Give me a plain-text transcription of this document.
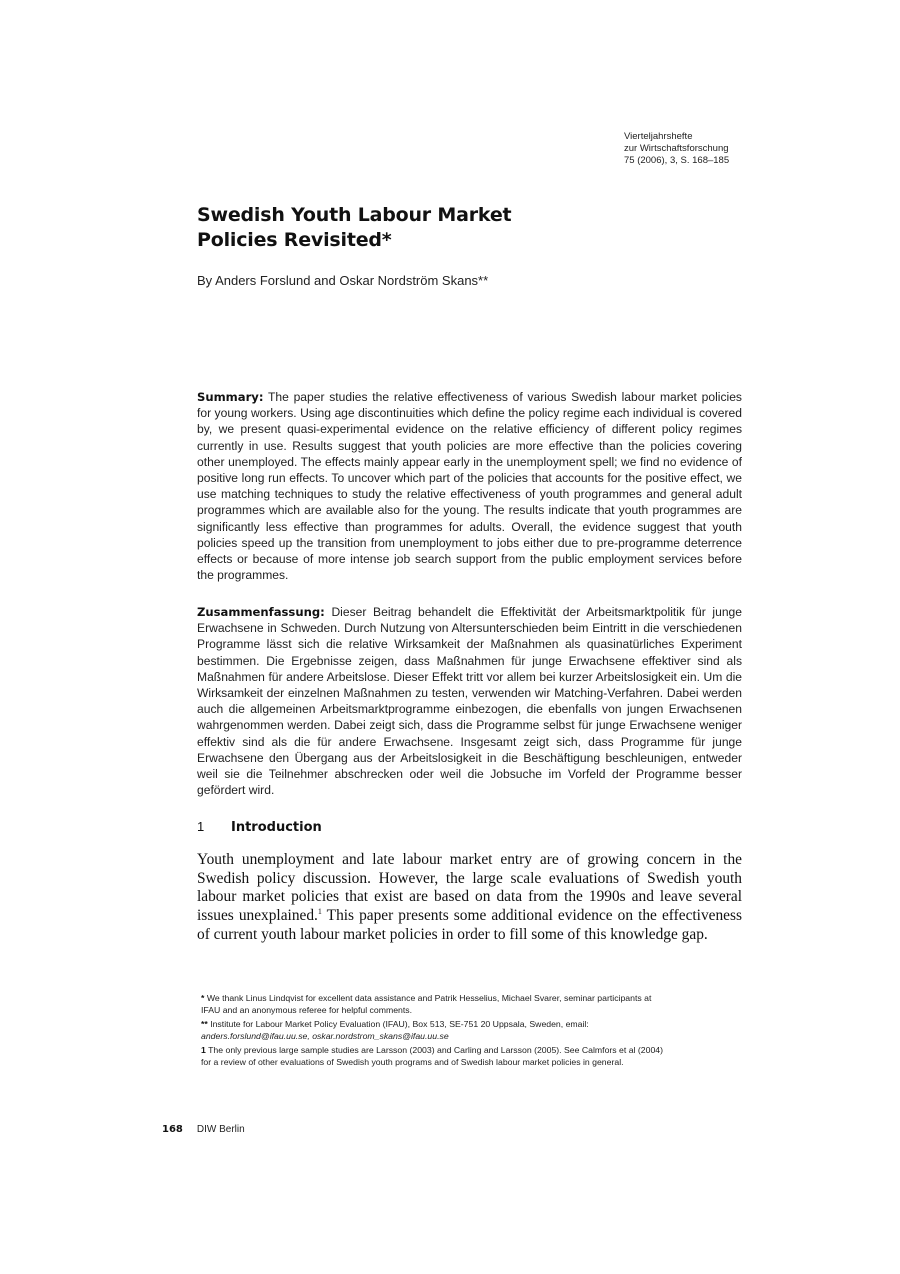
Vierteljahrshefte
zur Wirtschaftsforschung
75 (2006), 3, S. 168–185
Swedish Youth Labour Market
Policies Revisited*
By Anders Forslund and Oskar Nordström Skans**

Summary: The paper studies the relative effectiveness of various Swedish labour market policies for young workers. Using age discontinuities which define the policy regime each individual is covered by, we present quasi-experimental evidence on the relative efficiency of different policy regimes currently in use. Results suggest that youth policies are more effective than the policies covering other unemployed. The effects mainly appear early in the unemployment spell; we find no evidence of positive long run effects. To uncover which part of the policies that accounts for the positive effect, we use matching techniques to study the relative effectiveness of youth programmes and general adult programmes which are available also for the young. The results indicate that youth programmes are significantly less effective than programmes for adults. Overall, the evidence suggest that youth policies speed up the transition from unemployment to jobs either due to pre-programme deterrence effects or because of more intense job search support from the public employment services before the programmes.

Zusammenfassung: Dieser Beitrag behandelt die Effektivität der Arbeitsmarktpolitik für junge Erwachsene in Schweden. Durch Nutzung von Altersunterschieden beim Eintritt in die verschiedenen Programme lässt sich die relative Wirksamkeit der Maßnahmen als quasinatürliches Experiment bestimmen. Die Ergebnisse zeigen, dass Maßnahmen für junge Erwachsene effektiver sind als Maßnahmen für andere Arbeitslose. Dieser Effekt tritt vor allem bei kurzer Arbeitslosigkeit ein. Um die Wirksamkeit der einzelnen Maßnahmen zu testen, verwenden wir Matching-Verfahren. Dabei werden auch die allgemeinen Arbeitsmarktprogramme einbezogen, die ebenfalls von jungen Erwachsenen wahrgenommen werden. Dabei zeigt sich, dass die Programme selbst für junge Erwachsene weniger effektiv sind als die für andere Erwachsene. Insgesamt zeigt sich, dass Programme für junge Erwachsene den Übergang aus der Arbeitslosigkeit in die Beschäftigung beschleunigen, entweder weil sie die Teilnehmer abschrecken oder weil die Jobsuche im Vorfeld der Programme besser gefördert wird.

1 Introduction

Youth unemployment and late labour market entry are of growing concern in the Swedish policy discussion. However, the large scale evaluations of Swedish youth labour market policies that exist are based on data from the 1990s and leave several issues unexplained.$^1$ This paper presents some additional evidence on the effectiveness of current youth labour market policies in order to fill some of this knowledge gap.

* We thank Linus Lindqvist for excellent data assistance and Patrik Hesselius, Michael Svarer, seminar participants at IFAU and an anonymous referee for helpful comments.

** Institute for Labour Market Policy Evaluation (IFAU), Box 513, SE-751 20 Uppsala, Sweden, email: anders.forslund@ifau.uu.se, oskar.nordstrom_skans@ifau.uu.se

1 The only previous large sample studies are Larsson (2003) and Carling and Larsson (2005). See Calmfors et al (2004) for a review of other evaluations of Swedish youth programs and of Swedish labour market policies in general.

168 DIW Berlin
